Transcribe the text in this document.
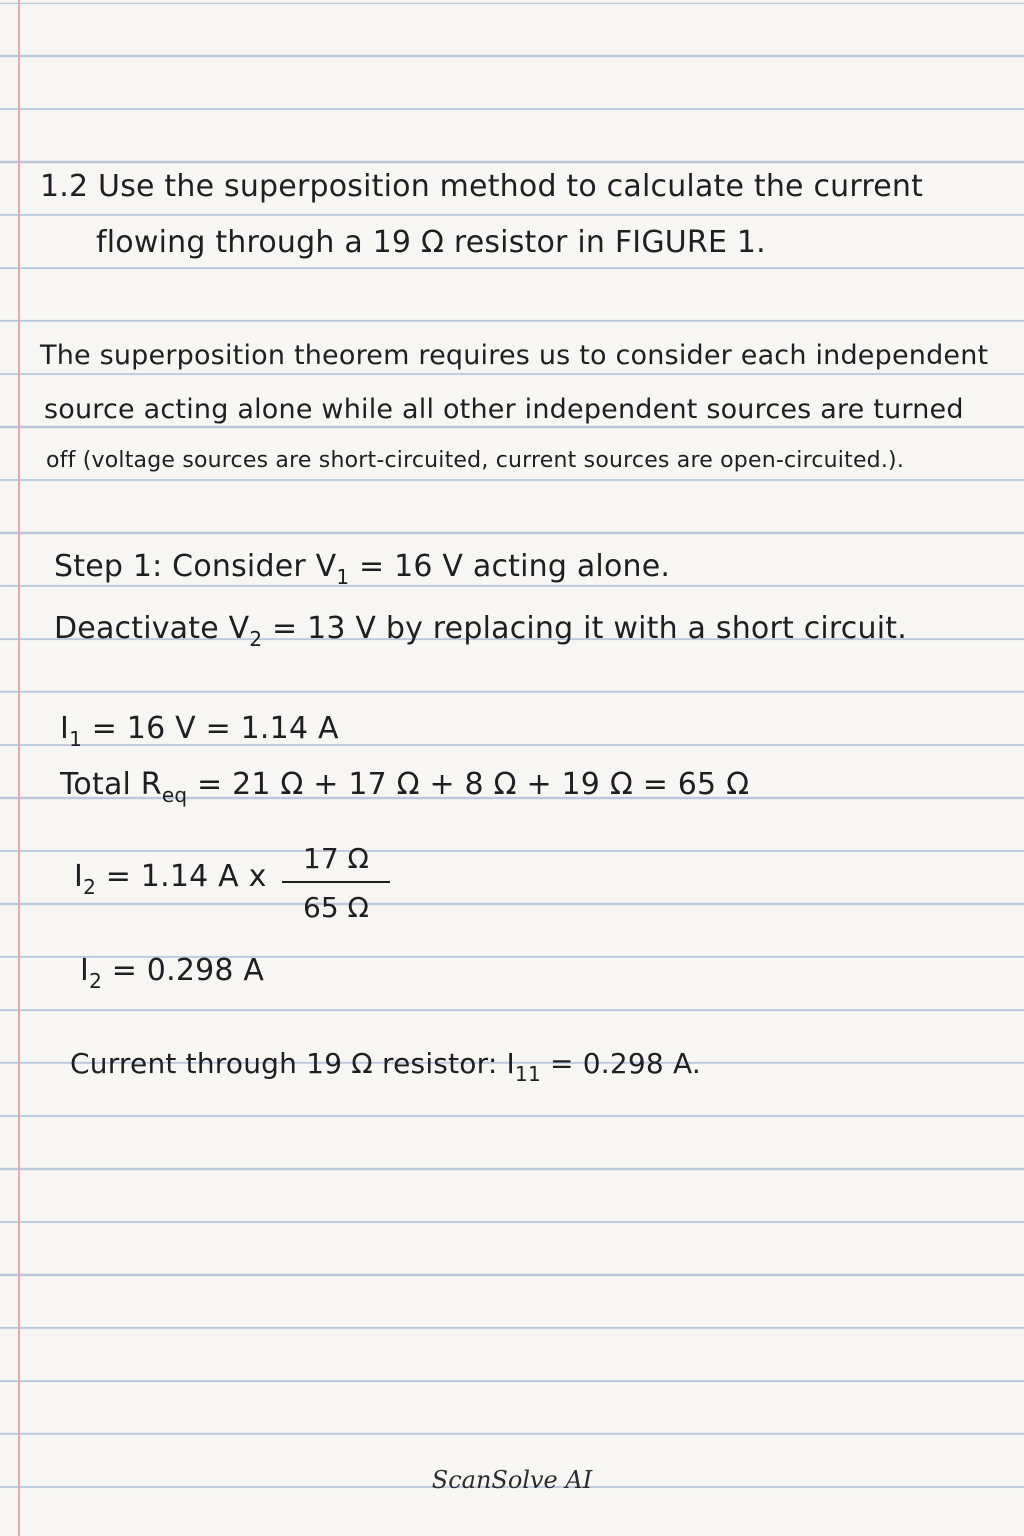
1.2 Use the superposition method to calculate the current
flowing through a 19 Ω resistor in FIGURE 1.
The superposition theorem requires us to consider each independent
source acting alone while all other independent sources are turned
off (voltage sources are short-circuited, current sources are open-circuited.).
Step 1: Consider $V_1 = 16$ V acting alone.
Deactivate $V_2 = 13$ V by replacing it with a short circuit.
$I_1 = 16$ V = 1.14 A
Total $R_{eq} = 21$ Ω + 17 Ω + 8 Ω + 19 Ω = 65 Ω
$I_2 = 1.14$ A x
17 Ω
65 Ω
$I_2 = 0.298$ A
Current through 19 Ω resistor: $I_{11} = 0.298$ A.
ScanSolve AI
